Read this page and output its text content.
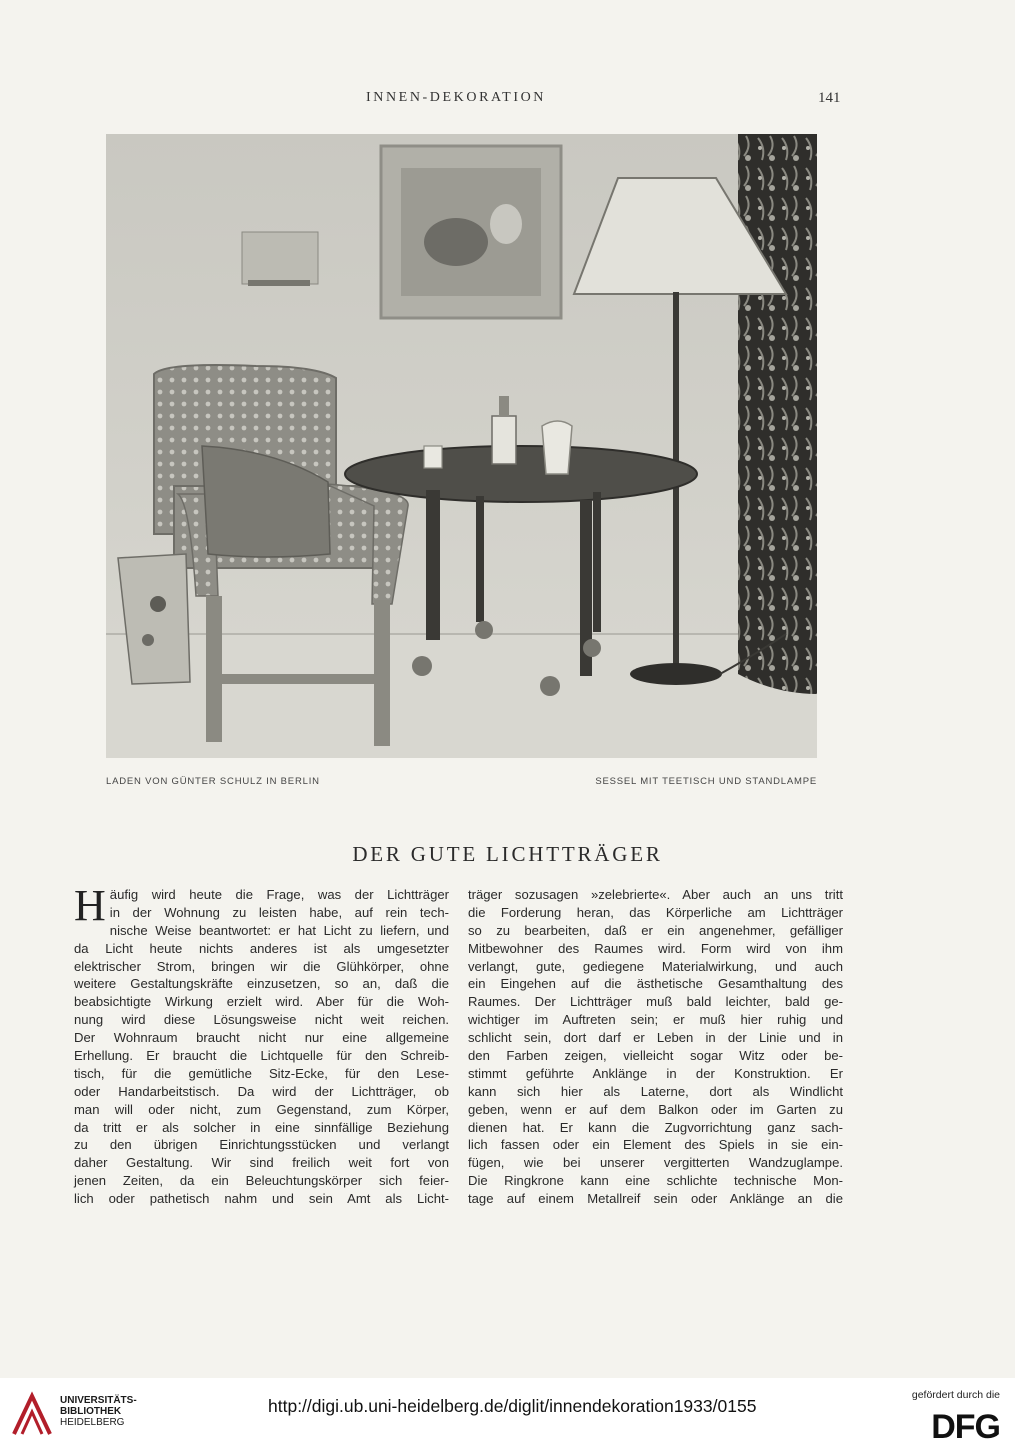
INNEN-DEKORATION	141
LADEN VON GÜNTER SCHULZ IN BERLIN	SESSEL MIT TEETISCH UND STANDLAMPE
DER GUTE LICHTTRÄGER
H äufig wird heute die Frage, was der Lichtträger
in der Wohnung zu leisten habe, auf rein tech-
nische Weise beantwortet: er hat Licht zu liefern, und
da Licht heute nichts anderes ist als umgesetzter
elektrischer Strom, bringen wir die Glühkörper, ohne
weitere Gestaltungskräfte einzusetzen, so an, daß die
beabsichtigte Wirkung erzielt wird. Aber für die Woh-
nung wird diese Lösungsweise nicht weit reichen.
Der Wohnraum braucht nicht nur eine allgemeine
Erhellung. Er braucht die Lichtquelle für den Schreib-
tisch, für die gemütliche Sitz-Ecke, für den Lese-
oder Handarbeitstisch. Da wird der Lichtträger, ob
man will oder nicht, zum Gegenstand, zum Körper,
da tritt er als solcher in eine sinnfällige Beziehung
zu den übrigen Einrichtungsstücken und verlangt
daher Gestaltung. Wir sind freilich weit fort von
jenen Zeiten, da ein Beleuchtungskörper sich feier-
lich oder pathetisch nahm und sein Amt als Licht-
träger sozusagen »zelebrierte«. Aber auch an uns tritt
die Forderung heran, das Körperliche am Lichtträger
so zu bearbeiten, daß er ein angenehmer, gefälliger
Mitbewohner des Raumes wird. Form wird von ihm
verlangt, gute, gediegene Materialwirkung, und auch
ein Eingehen auf die ästhetische Gesamthaltung des
Raumes. Der Lichtträger muß bald leichter, bald ge-
wichtiger im Auftreten sein; er muß hier ruhig und
schlicht sein, dort darf er Leben in der Linie und in
den Farben zeigen, vielleicht sogar Witz oder be-
stimmt geführte Anklänge in der Konstruktion. Er
kann sich hier als Laterne, dort als Windlicht
geben, wenn er auf dem Balkon oder im Garten zu
dienen hat. Er kann die Zugvorrichtung ganz sach-
lich fassen oder ein Element des Spiels in sie ein-
fügen, wie bei unserer vergitterten Wandzuglampe.
Die Ringkrone kann eine schlichte technische Mon-
tage auf einem Metallreif sein oder Anklänge an die
UNIVERSITÄTS-
BIBLIOTHEK
HEIDELBERG
http://digi.ub.uni-heidelberg.de/diglit/innendekoration1933/0155
gefördert durch die
DFG
